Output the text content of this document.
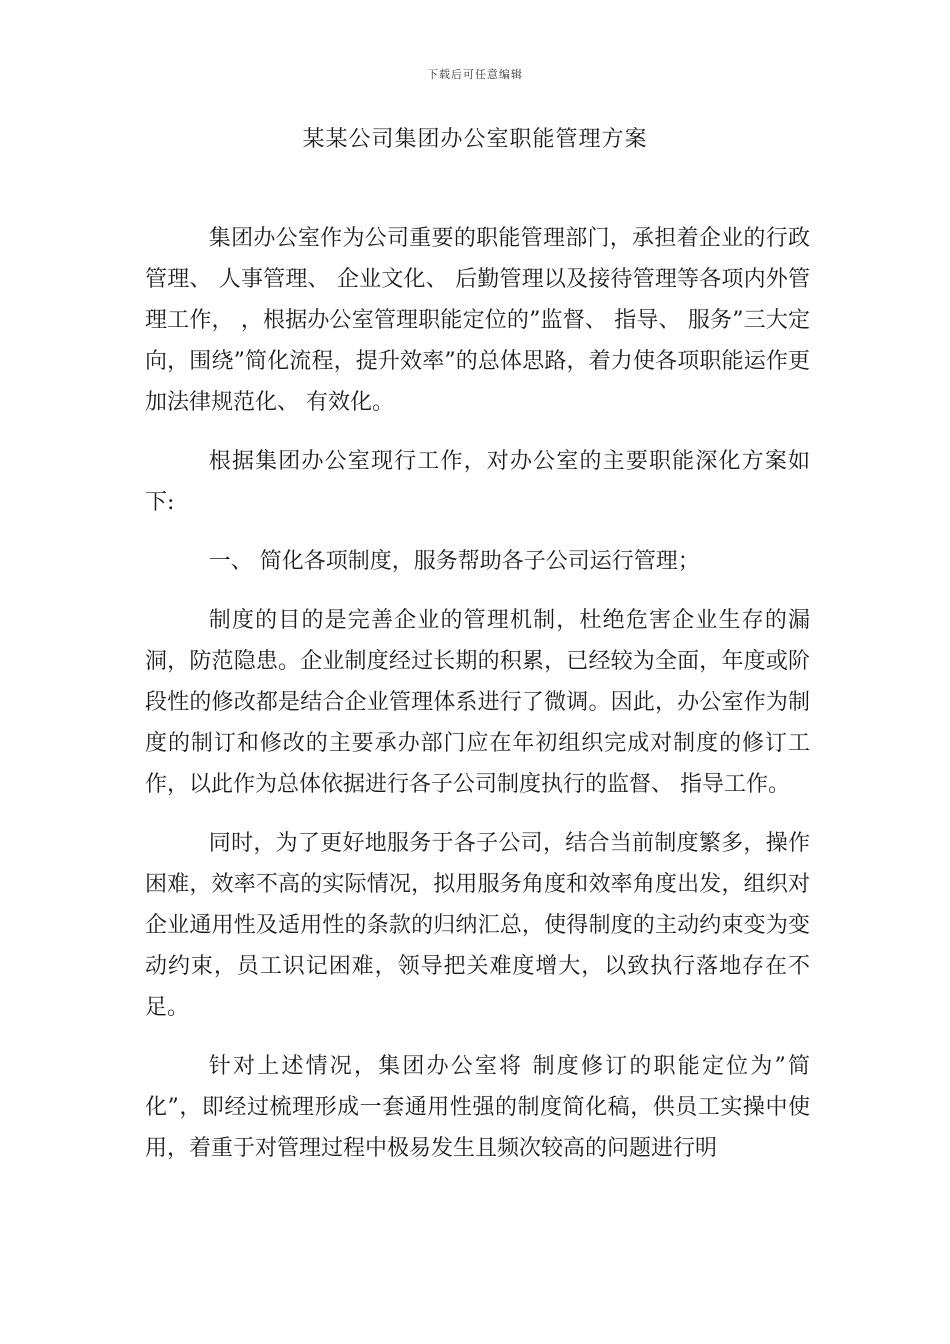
下载后可任意编辑
某某公司集团办公室职能管理方案

集团办公室作为公司重要的职能管理部门，承担着企业的行政管理、 人事管理、 企业文化、 后勤管理以及接待管理等各项内外管理工作， ，根据办公室管理职能定位的”监督、 指导、 服务”三大定向，围绕”简化流程，提升效率”的总体思路，着力使各项职能运作更加法律规范化、 有效化。

根据集团办公室现行工作，对办公室的主要职能深化方案如下:

一、 简化各项制度，服务帮助各子公司运行管理；

制度的目的是完善企业的管理机制，杜绝危害企业生存的漏洞，防范隐患。企业制度经过长期的积累，已经较为全面，年度或阶段性的修改都是结合企业管理体系进行了微调。因此，办公室作为制度的制订和修改的主要承办部门应在年初组织完成对制度的修订工作，以此作为总体依据进行各子公司制度执行的监督、 指导工作。

同时，为了更好地服务于各子公司，结合当前制度繁多，操作困难，效率不高的实际情况，拟用服务角度和效率角度出发，组织对企业通用性及适用性的条款的归纳汇总，使得制度的主动约束变为变动约束，员工识记困难，领导把关难度增大，以致执行落地存在不足。

针对上述情况，集团办公室将 制度修订的职能定位为”简化”，即经过梳理形成一套通用性强的制度简化稿，供员工实操中使用，着重于对管理过程中极易发生且频次较高的问题进行明
